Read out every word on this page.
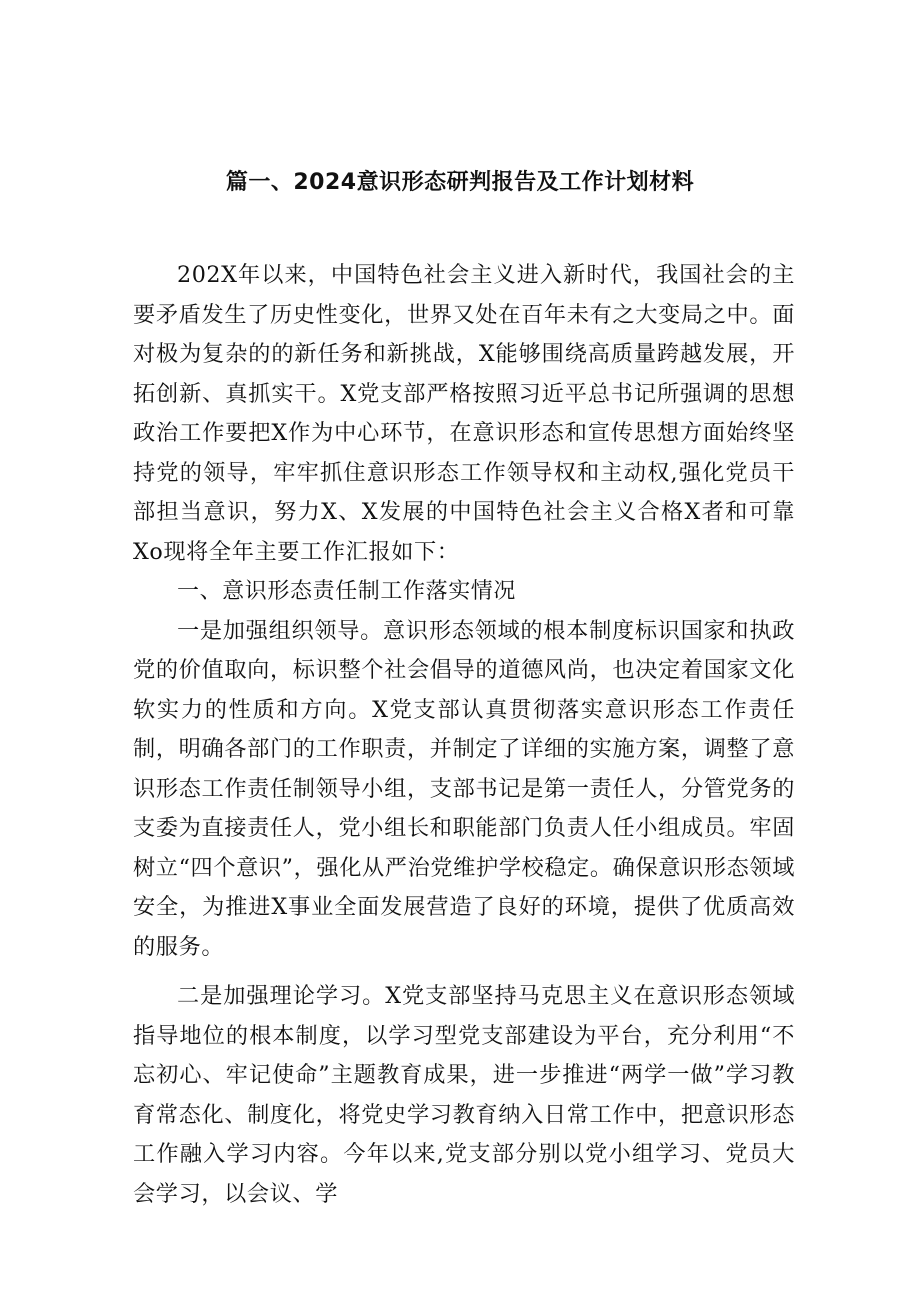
篇一、2024意识形态研判报告及工作计划材料

202X年以来，中国特色社会主义进入新时代，我国社会的主要矛盾发生了历史性变化，世界又处在百年未有之大变局之中。面对极为复杂的的新任务和新挑战，X能够围绕高质量跨越发展，开拓创新、真抓实干。X党支部严格按照习近平总书记所强调的思想政治工作要把X作为中心环节，在意识形态和宣传思想方面始终坚持党的领导，牢牢抓住意识形态工作领导权和主动权,强化党员干部担当意识，努力X、X发展的中国特色社会主义合格X者和可靠Xo现将全年主要工作汇报如下：

一、意识形态责任制工作落实情况

一是加强组织领导。意识形态领域的根本制度标识国家和执政党的价值取向，标识整个社会倡导的道德风尚，也决定着国家文化软实力的性质和方向。X党支部认真贯彻落实意识形态工作责任制，明确各部门的工作职责，并制定了详细的实施方案，调整了意识形态工作责任制领导小组，支部书记是第一责任人，分管党务的支委为直接责任人，党小组长和职能部门负责人任小组成员。牢固树立“四个意识”，强化从严治党维护学校稳定。确保意识形态领域安全，为推进X事业全面发展营造了良好的环境，提供了优质高效的服务。

二是加强理论学习。X党支部坚持马克思主义在意识形态领域指导地位的根本制度，以学习型党支部建设为平台，充分利用“不忘初心、牢记使命”主题教育成果，进一步推进“两学一做”学习教育常态化、制度化，将党史学习教育纳入日常工作中，把意识形态工作融入学习内容。今年以来,党支部分别以党小组学习、党员大会学习，以会议、学
